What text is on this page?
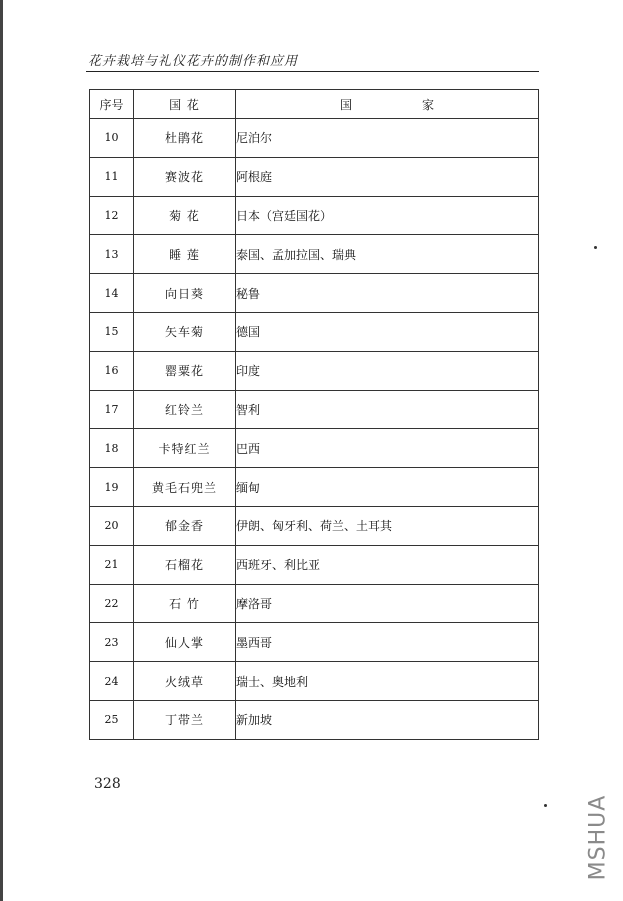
花卉栽培与礼仪花卉的制作和应用
序号	国 花	国 家
10	杜鹃花	尼泊尔
11	赛波花	阿根庭
12	菊 花	日本（宫廷国花）
13	睡 莲	泰国、孟加拉国、瑞典
14	向日葵	秘鲁
15	矢车菊	德国
16	罂粟花	印度
17	红铃兰	智利
18	卡特红兰	巴西
19	黄毛石兜兰	缅甸
20	郁金香	伊朗、匈牙利、荷兰、土耳其
21	石榴花	西班牙、利比亚
22	石 竹	摩洛哥
23	仙人掌	墨西哥
24	火绒草	瑞士、奥地利
25	丁带兰	新加坡
328
MSHUA
